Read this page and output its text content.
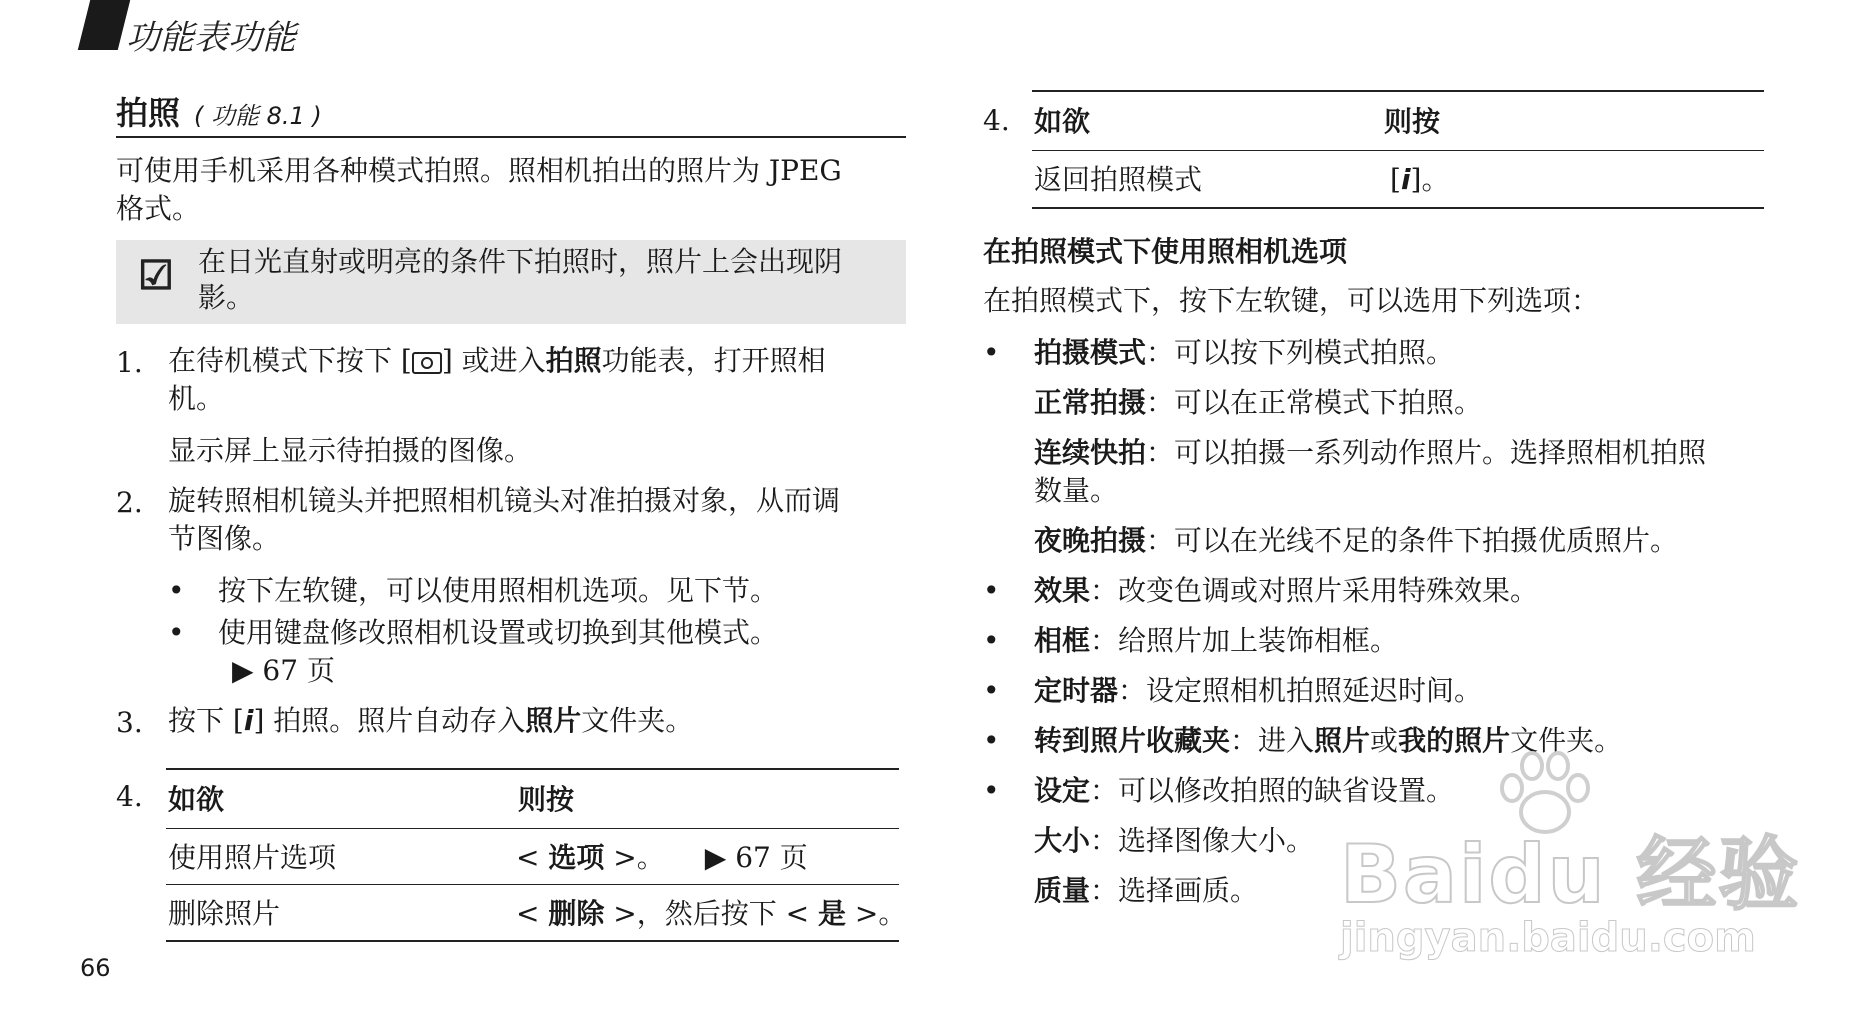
功能表功能
拍照 ( 功能 8.1 )
可使用手机采用各种模式拍照。照相机拍出的照片为 JPEG
格式。
☑ 在日光直射或明亮的条件下拍照时，照片上会出现阴
影。
1. 在待机模式下按下 [ ] 或进入拍照功能表，打开照相
机。
显示屏上显示待拍摄的图像。
2. 旋转照相机镜头并把照相机镜头对准拍摄对象，从而调
节图像。
• 按下左软键，可以使用照相机选项。见下节。
• 使用键盘修改照相机设置或切换到其他模式。
▶ 67 页
3. 按下 [i] 拍照。照片自动存入照片文件夹。
4. 如欲	则按
使用照片选项	< 选项 >。 ▶ 67 页
删除照片	< 删除 >，然后按下 < 是 >。
66
4. 如欲	则按
返回拍照模式	[i]。
在拍照模式下使用照相机选项
在拍照模式下，按下左软键，可以选用下列选项：
• 拍摄模式：可以按下列模式拍照。
正常拍摄：可以在正常模式下拍照。
连续快拍：可以拍摄一系列动作照片。选择照相机拍照
数量。
夜晚拍摄：可以在光线不足的条件下拍摄优质照片。
• 效果：改变色调或对照片采用特殊效果。
• 相框：给照片加上装饰相框。
• 定时器：设定照相机拍照延迟时间。
• 转到照片收藏夹：进入照片或我的照片文件夹。
• 设定：可以修改拍照的缺省设置。
大小：选择图像大小。
质量：选择画质。 Baidu 经验
jingyan.baidu.com
